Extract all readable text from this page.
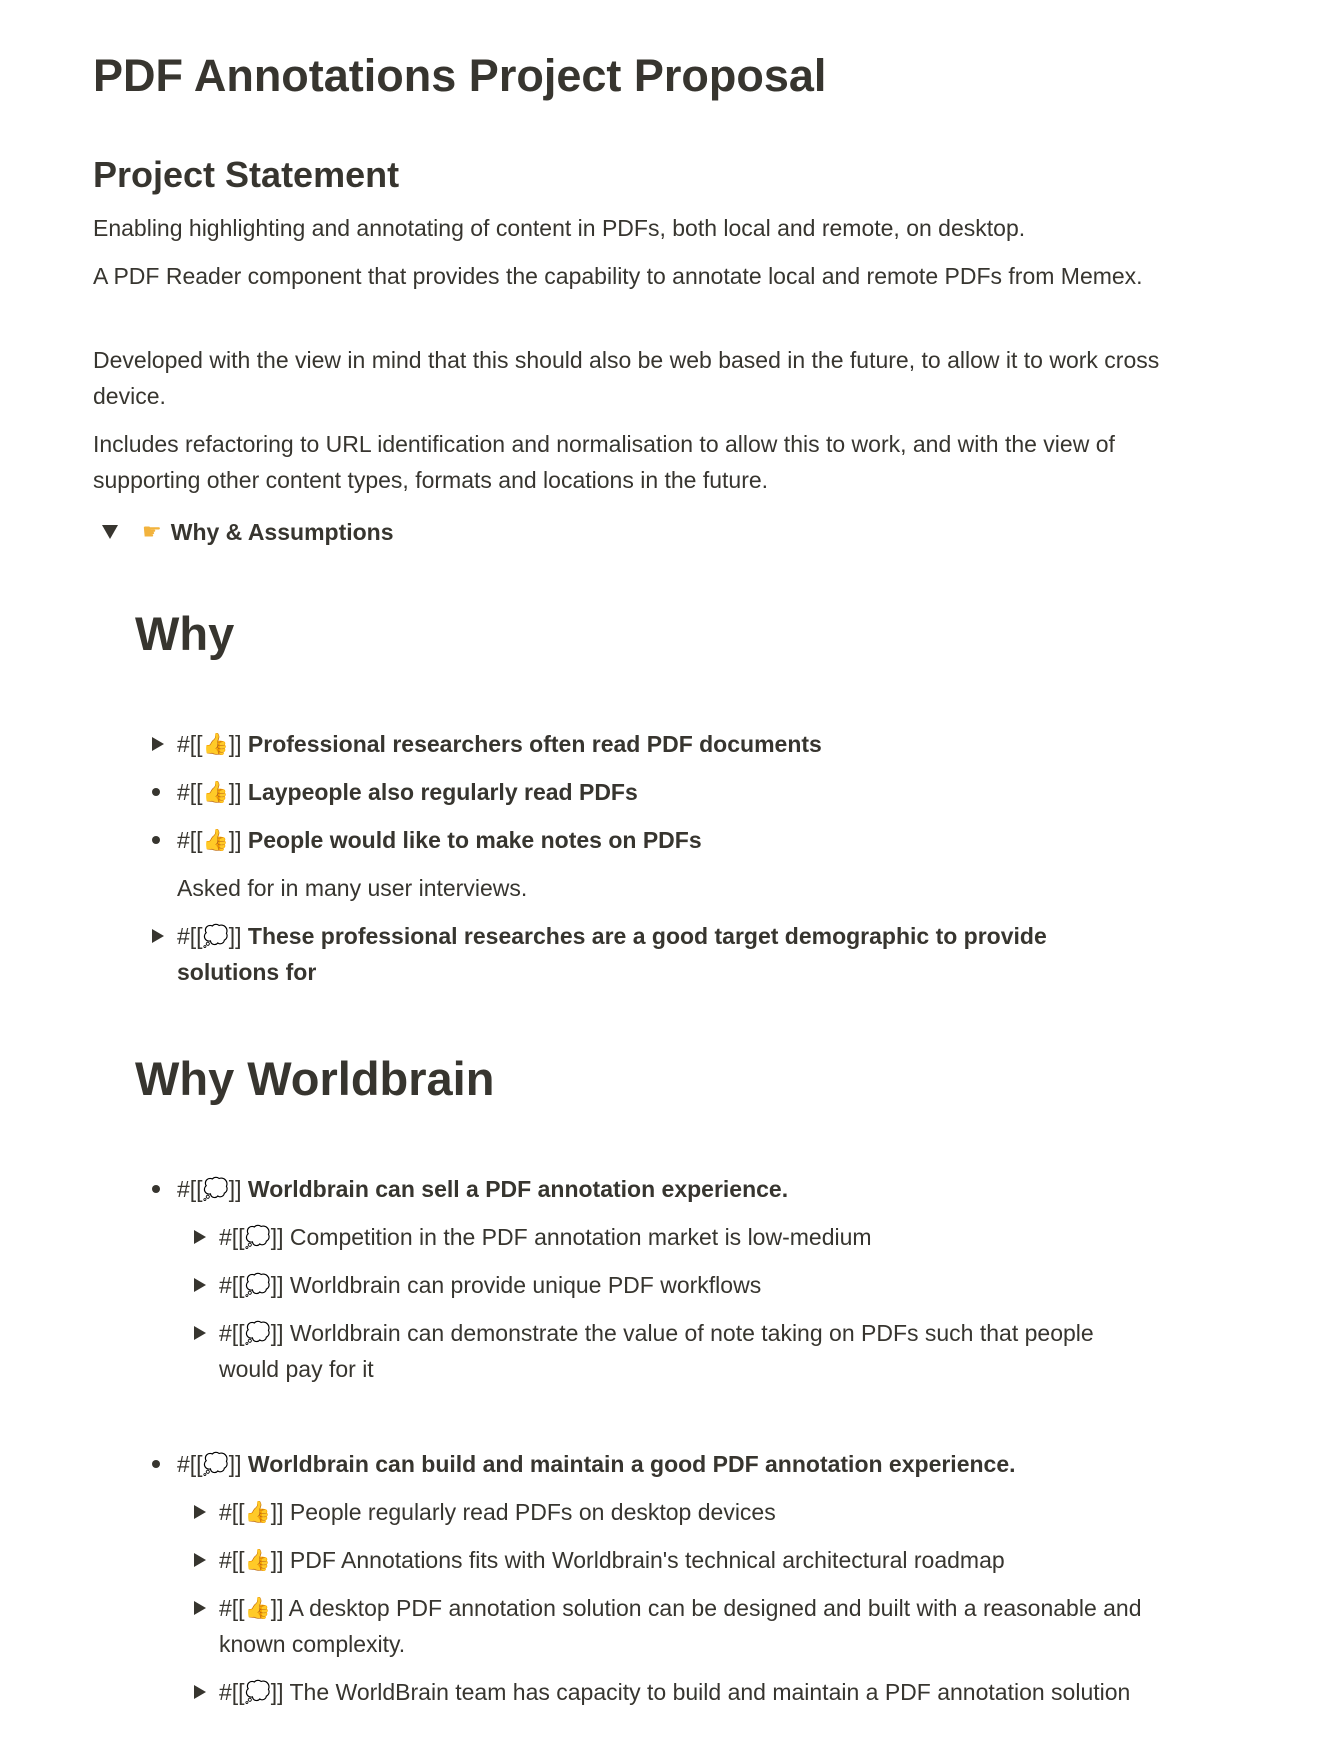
PDF Annotations Project Proposal
Project Statement

Enabling highlighting and annotating of content in PDFs, both local and remote, on desktop.

A PDF Reader component that provides the capability to annotate local and remote PDFs from Memex.

Developed with the view in mind that this should also be web based in the future, to allow it to work cross device.

Includes refactoring to URL identification and normalisation to allow this to work, and with the view of supporting other content types, formats and locations in the future.

☛ Why & Assumptions
Why
#[[👍]] Professional researchers often read PDF documents
#[[👍]] Laypeople also regularly read PDFs
#[[👍]] People would like to make notes on PDFs
Asked for in many user interviews.
#[[💭]] These professional researches are a good target demographic to provide solutions for
Why Worldbrain
#[[💭]] Worldbrain can sell a PDF annotation experience.
#[[💭]] Competition in the PDF annotation market is low-medium
#[[💭]] Worldbrain can provide unique PDF workflows
#[[💭]] Worldbrain can demonstrate the value of note taking on PDFs such that people would pay for it
#[[💭]] Worldbrain can build and maintain a good PDF annotation experience.
#[[👍]] People regularly read PDFs on desktop devices
#[[👍]] PDF Annotations fits with Worldbrain's technical architectural roadmap
#[[👍]] A desktop PDF annotation solution can be designed and built with a reasonable and known complexity.
#[[💭]] The WorldBrain team has capacity to build and maintain a PDF annotation solution
